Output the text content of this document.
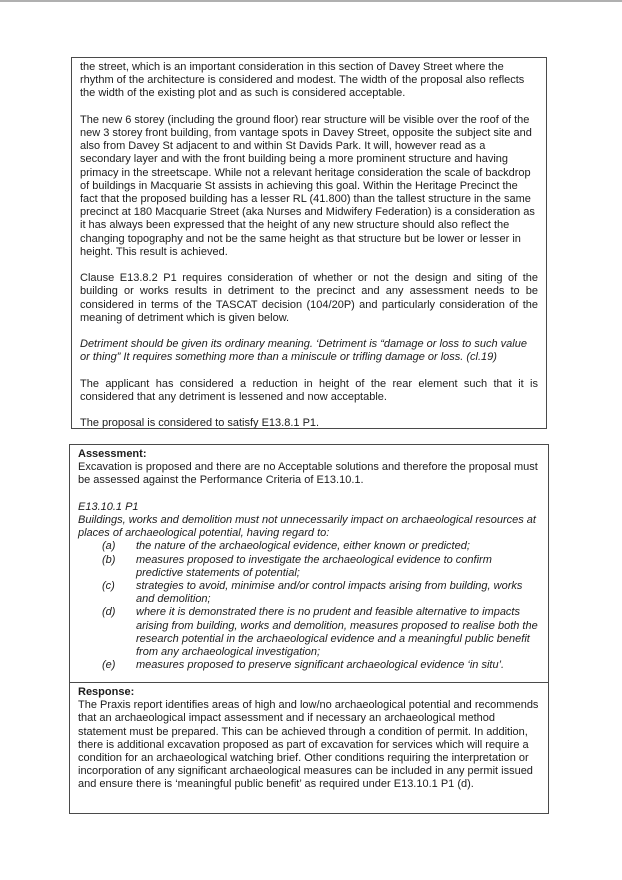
the street, which is an important consideration in this section of Davey Street where the rhythm of the architecture is considered and modest. The width of the proposal also reflects the width of the existing plot and as such is considered acceptable.

The new 6 storey (including the ground floor) rear structure will be visible over the roof of the new 3 storey front building, from vantage spots in Davey Street, opposite the subject site and also from Davey St adjacent to and within St Davids Park. It will, however read as a secondary layer and with the front building being a more prominent structure and having primacy in the streetscape. While not a relevant heritage consideration the scale of backdrop of buildings in Macquarie St assists in achieving this goal. Within the Heritage Precinct the fact that the proposed building has a lesser RL (41.800) than the tallest structure in the same precinct at 180 Macquarie Street (aka Nurses and Midwifery Federation) is a consideration as it has always been expressed that the height of any new structure should also reflect the changing topography and not be the same height as that structure but be lower or lesser in height. This result is achieved.

Clause E13.8.2 P1 requires consideration of whether or not the design and siting of the building or works results in detriment to the precinct and any assessment needs to be considered in terms of the TASCAT decision (104/20P) and particularly consideration of the meaning of detriment which is given below.

Detriment should be given its ordinary meaning. ‘Detriment is “damage or loss to such value or thing” It requires something more than a miniscule or trifling damage or loss. (cl.19)

The applicant has considered a reduction in height of the rear element such that it is considered that any detriment is lessened and now acceptable.

The proposal is considered to satisfy E13.8.1 P1.

Assessment:

Excavation is proposed and there are no Acceptable solutions and therefore the proposal must be assessed against the Performance Criteria of E13.10.1.

E13.10.1 P1

Buildings, works and demolition must not unnecessarily impact on archaeological resources at places of archaeological potential, having regard to:

(a) the nature of the archaeological evidence, either known or predicted;
(b) measures proposed to investigate the archaeological evidence to confirm predictive statements of potential;
(c) strategies to avoid, minimise and/or control impacts arising from building, works and demolition;
(d) where it is demonstrated there is no prudent and feasible alternative to impacts arising from building, works and demolition, measures proposed to realise both the research potential in the archaeological evidence and a meaningful public benefit from any archaeological investigation;
(e) measures proposed to preserve significant archaeological evidence ‘in situ’.

Response:

The Praxis report identifies areas of high and low/no archaeological potential and recommends that an archaeological impact assessment and if necessary an archaeological method statement must be prepared. This can be achieved through a condition of permit. In addition, there is additional excavation proposed as part of excavation for services which will require a condition for an archaeological watching brief. Other conditions requiring the interpretation or incorporation of any significant archaeological measures can be included in any permit issued and ensure there is ‘meaningful public benefit’ as required under E13.10.1 P1 (d).
